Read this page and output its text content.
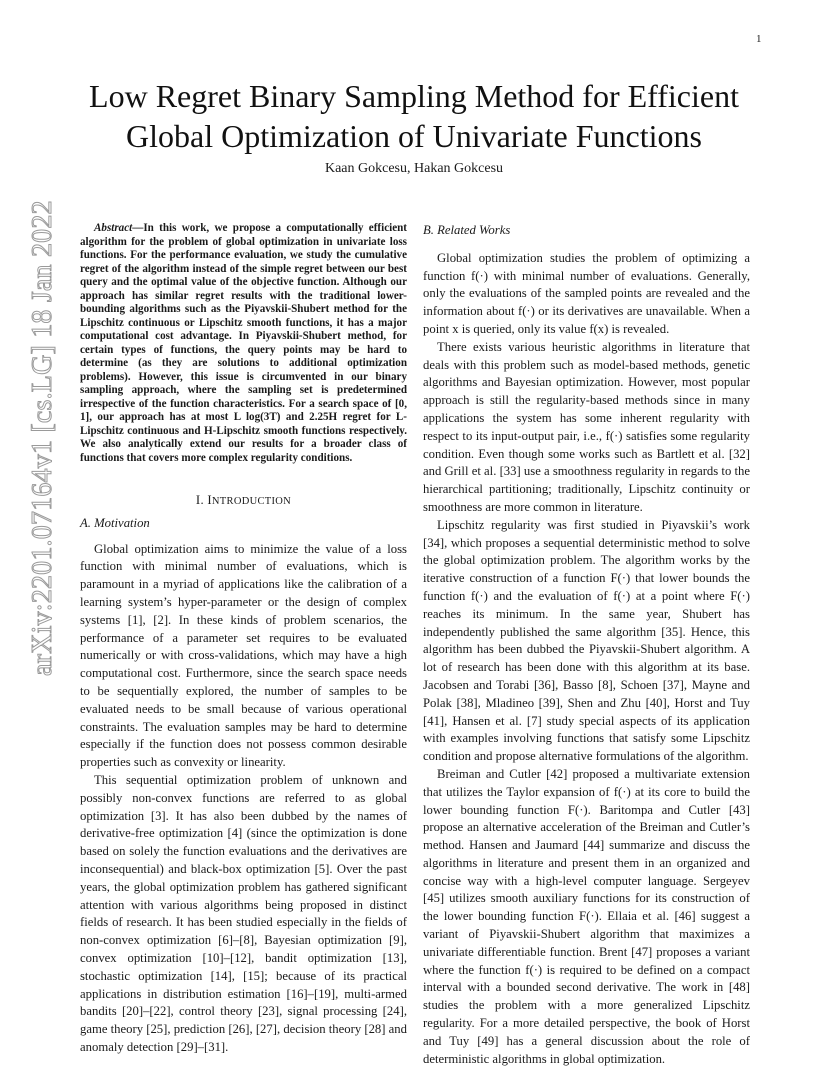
1
arXiv:2201.07164v1 [cs.LG] 18 Jan 2022
Low Regret Binary Sampling Method for Efficient
Global Optimization of Univariate Functions
Kaan Gokcesu, Hakan Gokcesu

Abstract—In this work, we propose a computationally efficient algorithm for the problem of global optimization in univariate loss functions. For the performance evaluation, we study the cumulative regret of the algorithm instead of the simple regret between our best query and the optimal value of the objective function. Although our approach has similar regret results with the traditional lower-bounding algorithms such as the Piyavskii-Shubert method for the Lipschitz continuous or Lipschitz smooth functions, it has a major computational cost advantage. In Piyavskii-Shubert method, for certain types of functions, the query points may be hard to determine (as they are solutions to additional optimization problems). However, this issue is circumvented in our binary sampling approach, where the sampling set is predetermined irrespective of the function characteristics. For a search space of [0, 1], our approach has at most L log(3T) and 2.25H regret for L-Lipschitz continuous and H-Lipschitz smooth functions respectively. We also analytically extend our results for a broader class of functions that covers more complex regularity conditions.

I. INTRODUCTION
A. Motivation

Global optimization aims to minimize the value of a loss function with minimal number of evaluations, which is paramount in a myriad of applications like the calibration of a learning system’s hyper-parameter or the design of complex systems [1], [2]. In these kinds of problem scenarios, the performance of a parameter set requires to be evaluated numerically or with cross-validations, which may have a high computational cost. Furthermore, since the search space needs to be sequentially explored, the number of samples to be evaluated needs to be small because of various operational constraints. The evaluation samples may be hard to determine especially if the function does not possess common desirable properties such as convexity or linearity.

This sequential optimization problem of unknown and possibly non-convex functions are referred to as global optimization [3]. It has also been dubbed by the names of derivative-free optimization [4] (since the optimization is done based on solely the function evaluations and the derivatives are inconsequential) and black-box optimization [5]. Over the past years, the global optimization problem has gathered significant attention with various algorithms being proposed in distinct fields of research. It has been studied especially in the fields of non-convex optimization [6]–[8], Bayesian optimization [9], convex optimization [10]–[12], bandit optimization [13], stochastic optimization [14], [15]; because of its practical applications in distribution estimation [16]–[19], multi-armed bandits [20]–[22], control theory [23], signal processing [24], game theory [25], prediction [26], [27], decision theory [28] and anomaly detection [29]–[31].

B. Related Works

Global optimization studies the problem of optimizing a function f(·) with minimal number of evaluations. Generally, only the evaluations of the sampled points are revealed and the information about f(·) or its derivatives are unavailable. When a point x is queried, only its value f(x) is revealed.

There exists various heuristic algorithms in literature that deals with this problem such as model-based methods, genetic algorithms and Bayesian optimization. However, most popular approach is still the regularity-based methods since in many applications the system has some inherent regularity with respect to its input-output pair, i.e., f(·) satisfies some regularity condition. Even though some works such as Bartlett et al. [32] and Grill et al. [33] use a smoothness regularity in regards to the hierarchical partitioning; traditionally, Lipschitz continuity or smoothness are more common in literature.

Lipschitz regularity was first studied in Piyavskii’s work [34], which proposes a sequential deterministic method to solve the global optimization problem. The algorithm works by the iterative construction of a function F(·) that lower bounds the function f(·) and the evaluation of f(·) at a point where F(·) reaches its minimum. In the same year, Shubert has independently published the same algorithm [35]. Hence, this algorithm has been dubbed the Piyavskii-Shubert algorithm. A lot of research has been done with this algorithm at its base. Jacobsen and Torabi [36], Basso [8], Schoen [37], Mayne and Polak [38], Mladineo [39], Shen and Zhu [40], Horst and Tuy [41], Hansen et al. [7] study special aspects of its application with examples involving functions that satisfy some Lipschitz condition and propose alternative formulations of the algorithm.

Breiman and Cutler [42] proposed a multivariate extension that utilizes the Taylor expansion of f(·) at its core to build the lower bounding function F(·). Baritompa and Cutler [43] propose an alternative acceleration of the Breiman and Cutler’s method. Hansen and Jaumard [44] summarize and discuss the algorithms in literature and present them in an organized and concise way with a high-level computer language. Sergeyev [45] utilizes smooth auxiliary functions for its construction of the lower bounding function F(·). Ellaia et al. [46] suggest a variant of Piyavskii-Shubert algorithm that maximizes a univariate differentiable function. Brent [47] proposes a variant where the function f(·) is required to be defined on a compact interval with a bounded second derivative. The work in [48] studies the problem with a more generalized Lipschitz regularity. For a more detailed perspective, the book of Horst and Tuy [49] has a general discussion about the role of deterministic algorithms in global optimization.
